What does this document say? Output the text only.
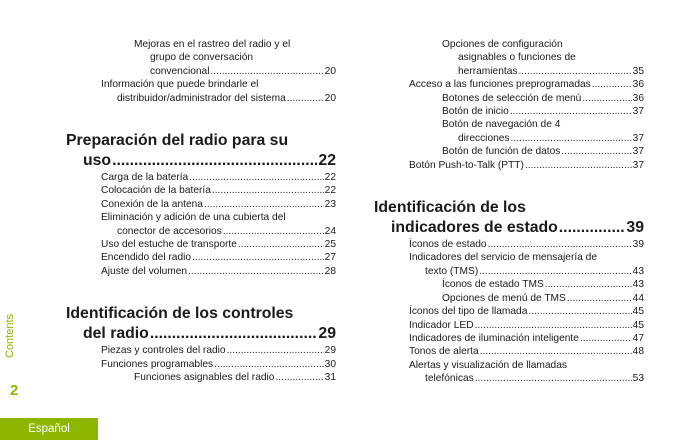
Mejoras en el rastreo del radio y el
grupo de conversación
convencional .....	20
Información que puede brindarle el
distribuidor/administrador del sistema .....	20
Preparación del radio para su
uso .....	22
Carga de la batería .....	22
Colocación de la batería .....	22
Conexión de la antena .....	23
Eliminación y adición de una cubierta del
conector de accesorios .....	24
Uso del estuche de transporte .....	25
Encendido del radio .....	27
Ajuste del volumen .....	28
Identificación de los controles
del radio .....	29
Piezas y controles del radio .....	29
Funciones programables .....	30
Funciones asignables del radio .....	31
Opciones de configuración
asignables o funciones de
herramientas .....	35
Acceso a las funciones preprogramadas .....	36
Botones de selección de menú .....	36
Botón de inicio .....	37
Botón de navegación de 4
direcciones .....	37
Botón de función de datos .....	37
Botón Push-to-Talk (PTT) .....	37
Identificación de los
indicadores de estado .....	39
Íconos de estado .....	39
Indicadores del servicio de mensajería de
texto (TMS) .....	43
Íconos de estado TMS .....	43
Opciones de menú de TMS .....	44
Íconos del tipo de llamada .....	45
Indicador LED .....	45
Indicadores de iluminación inteligente .....	47
Tonos de alerta .....	48
Alertas y visualización de llamadas
telefónicas .....	53
Contents
2
Español
